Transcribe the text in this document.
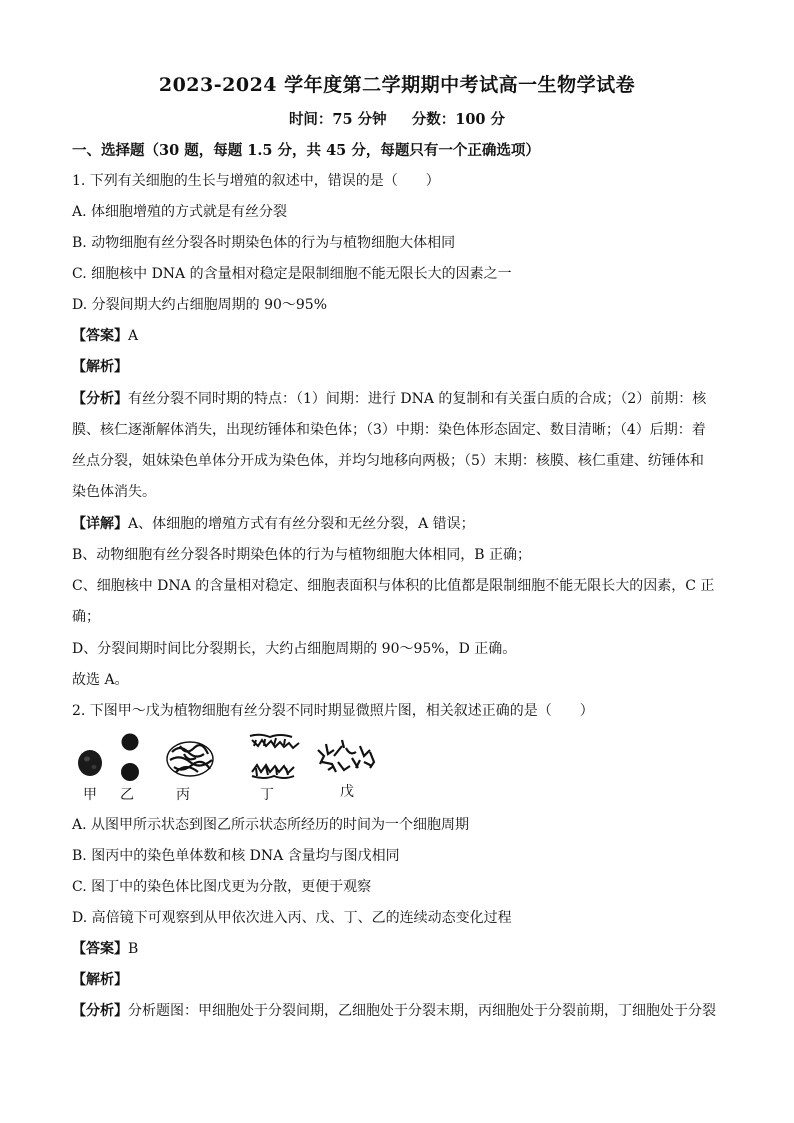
2023-2024 学年度第二学期期中考试高一生物学试卷
时间：75 分钟 分数：100 分
一、选择题（30 题，每题 1.5 分，共 45 分，每题只有一个正确选项）
1. 下列有关细胞的生长与增殖的叙述中，错误的是（　　）
A. 体细胞增殖的方式就是有丝分裂
B. 动物细胞有丝分裂各时期染色体的行为与植物细胞大体相同
C. 细胞核中 DNA 的含量相对稳定是限制细胞不能无限长大的因素之一
D. 分裂间期大约占细胞周期的 90～95%
【答案】A
【解析】
【分析】有丝分裂不同时期的特点：（1）间期：进行 DNA 的复制和有关蛋白质的合成；（2）前期：核
膜、核仁逐渐解体消失，出现纺锤体和染色体；（3）中期：染色体形态固定、数目清晰；（4）后期：着
丝点分裂，姐妹染色单体分开成为染色体，并均匀地移向两极；（5）末期：核膜、核仁重建、纺锤体和
染色体消失。
【详解】A、体细胞的增殖方式有有丝分裂和无丝分裂，A 错误；
B、动物细胞有丝分裂各时期染色体的行为与植物细胞大体相同，B 正确；
C、细胞核中 DNA 的含量相对稳定、细胞表面积与体积的比值都是限制细胞不能无限长大的因素，C 正
确；
D、分裂间期时间比分裂期长，大约占细胞周期的 90～95%，D 正确。
故选 A。
2. 下图甲～戊为植物细胞有丝分裂不同时期显微照片图，相关叙述正确的是（　　）
甲 乙	丙	丁	戊
A. 从图甲所示状态到图乙所示状态所经历的时间为一个细胞周期
B. 图丙中的染色单体数和核 DNA 含量均与图戊相同
C. 图丁中的染色体比图戊更为分散，更便于观察
D. 高倍镜下可观察到从甲依次进入丙、戊、丁、乙的连续动态变化过程
【答案】B
【解析】
【分析】分析题图：甲细胞处于分裂间期，乙细胞处于分裂末期，丙细胞处于分裂前期，丁细胞处于分裂
